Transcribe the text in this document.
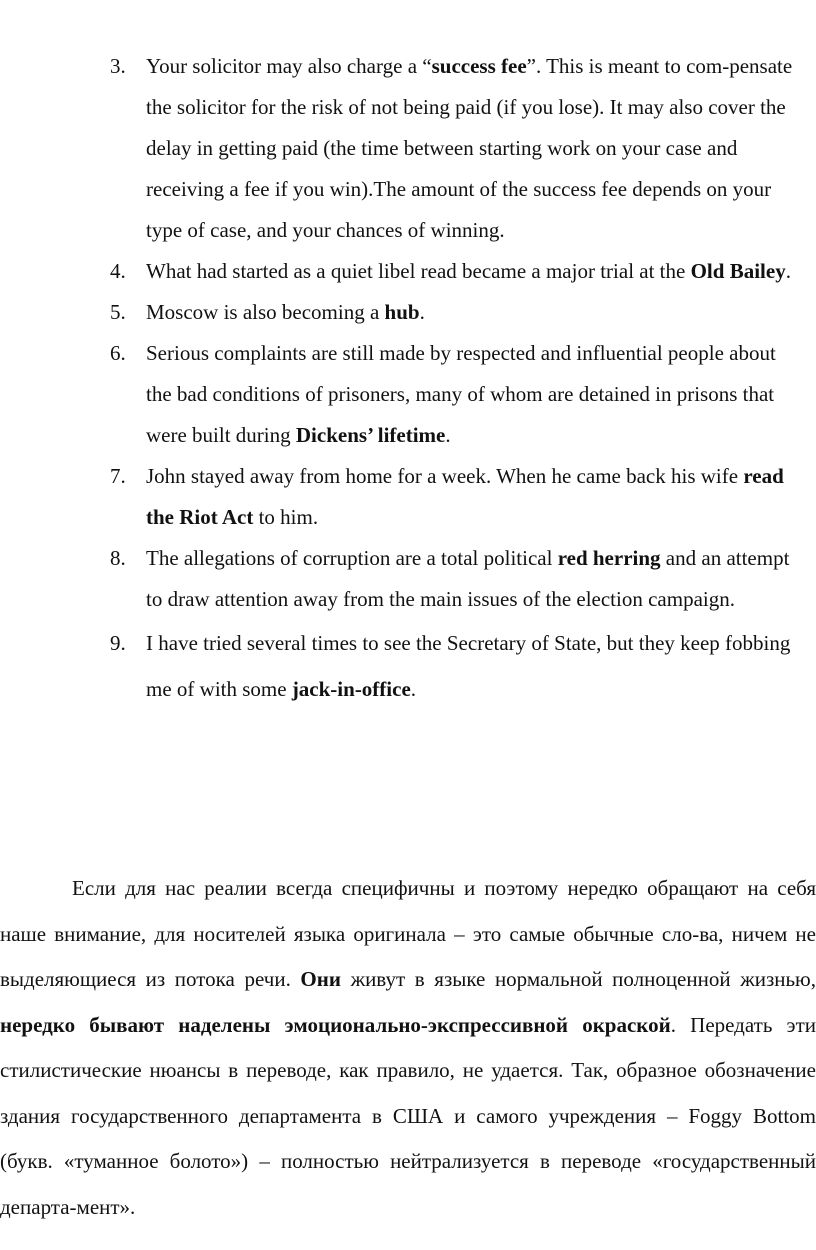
3. Your solicitor may also charge a “success fee”. This is meant to com-pensate the solicitor for the risk of not being paid (if you lose). It may also cover the delay in getting paid (the time between starting work on your case and receiving a fee if you win).The amount of the success fee depends on your type of case, and your chances of winning.
4. What had started as a quiet libel read became a major trial at the Old Bailey.
5. Moscow is also becoming a hub.
6. Serious complaints are still made by respected and influential people about the bad conditions of prisoners, many of whom are detained in prisons that were built during Dickens’ lifetime.
7. John stayed away from home for a week. When he came back his wife read the Riot Act to him.
8. The allegations of corruption are a total political red herring and an attempt to draw attention away from the main issues of the election campaign.
9. I have tried several times to see the Secretary of State, but they keep fobbing me of with some jack-in-office.

Если для нас реалии всегда специфичны и поэтому нередко обращают на себя наше внимание, для носителей языка оригинала – это самые обычные сло-ва, ничем не выделяющиеся из потока речи. Они живут в языке нормальной полноценной жизнью, нередко бывают наделены эмоционально-экспрессивной окраской. Передать эти стилистические нюансы в переводе, как правило, не удается. Так, образное обозначение здания государственного департамента в США и самого учреждения – Foggy Bottom (букв. «туманное болото») – полностью нейтрализуется в переводе «государственный департа-мент».
